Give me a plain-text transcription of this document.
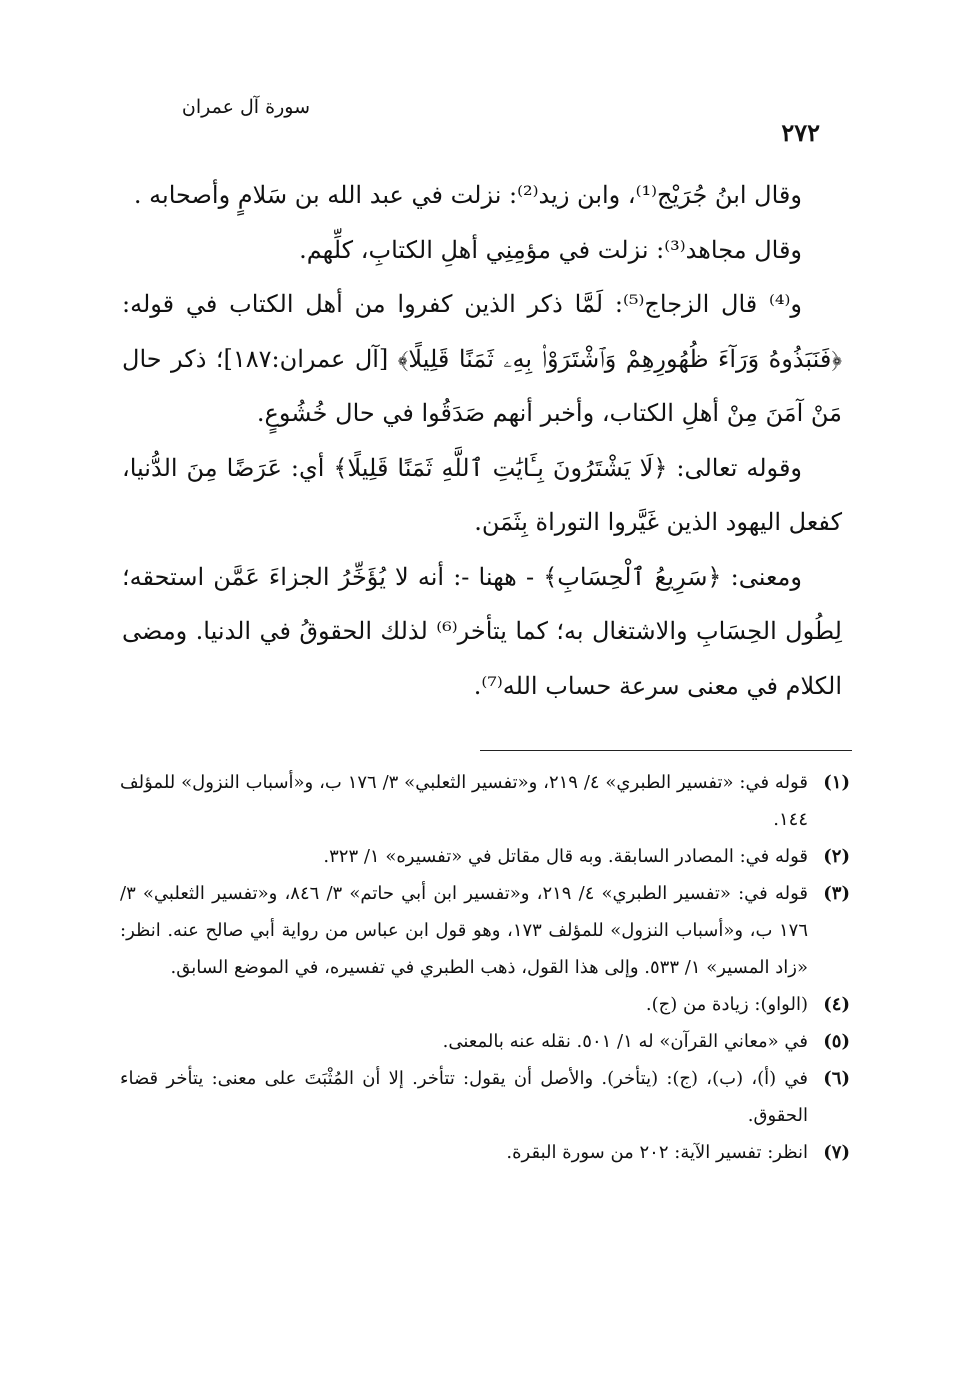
سورة آل عمران
٢٧٢

وقال ابنُ جُرَيْج⁽¹⁾، وابن زيد⁽²⁾: نزلت في عبد الله بن سَلامٍ وأصحابه .

وقال مجاهد⁽³⁾: نزلت في مؤمِنِي أهلِ الكتابِ، كلِّهم.

و⁽⁴⁾ قال الزجاج⁽⁵⁾: لَمَّا ذكر الذين كفروا من أهل الكتاب في قوله: ﴿فَنَبَذُوهُ وَرَآءَ ظُهُورِهِمْ وَٱشْتَرَوْا۟ بِهِۦ ثَمَنًا قَلِيلًا﴾ [آل عمران:١٨٧]؛ ذكر حال مَنْ آمَنَ مِنْ أهلِ الكتاب، وأخبر أنهم صَدَقُوا في حال خُشُوعٍ.

وقوله تعالى: ﴿لَا يَشْتَرُونَ بِـَٔايَٰتِ ٱللَّهِ ثَمَنًا قَلِيلًا﴾ أي: عَرَضًا مِنَ الدُّنيا، كفعل اليهود الذين غَيَّروا التوراة بِثَمَن.

ومعنى: ﴿سَرِيعُ ٱلْحِسَابِ﴾ - ههنا -: أنه لا يُؤَخِّرُ الجزاءَ عَمَّن استحقه؛ لِطُول الحِسَابِ والاشتغال به؛ كما يتأخر⁽⁶⁾ لذلك الحقوقُ في الدنيا. ومضى الكلام في معنى سرعة حساب الله⁽⁷⁾.

(١)
قوله في: «تفسير الطبري» ٤/ ٢١٩، و«تفسير الثعلبي» ٣/ ١٧٦ ب، و«أسباب النزول» للمؤلف ١٤٤.
(٢)
قوله في: المصادر السابقة. وبه قال مقاتل في «تفسيره» ١/ ٣٢٣.
(٣)
قوله في: «تفسير الطبري» ٤/ ٢١٩، و«تفسير ابن أبي حاتم» ٣/ ٨٤٦، و«تفسير الثعلبي» ٣/ ١٧٦ ب، و«أسباب النزول» للمؤلف ١٧٣، وهو قول ابن عباس من رواية أبي صالح عنه. انظر: «زاد المسير» ١/ ٥٣٣. وإلى هذا القول، ذهب الطبري في تفسيره، في الموضع السابق.
(٤)
(الواو): زيادة من (ج).
(٥)
في «معاني القرآن» له ١/ ٥٠١. نقله عنه بالمعنى.
(٦)
في (أ)، (ب)، (ج): (يتأخر). والأصل أن يقول: تتأخر. إلا أن المُثْبَتَ على معنى: يتأخر قضاء الحقوق.
(٧)
انظر: تفسير الآية: ٢٠٢ من سورة البقرة.
